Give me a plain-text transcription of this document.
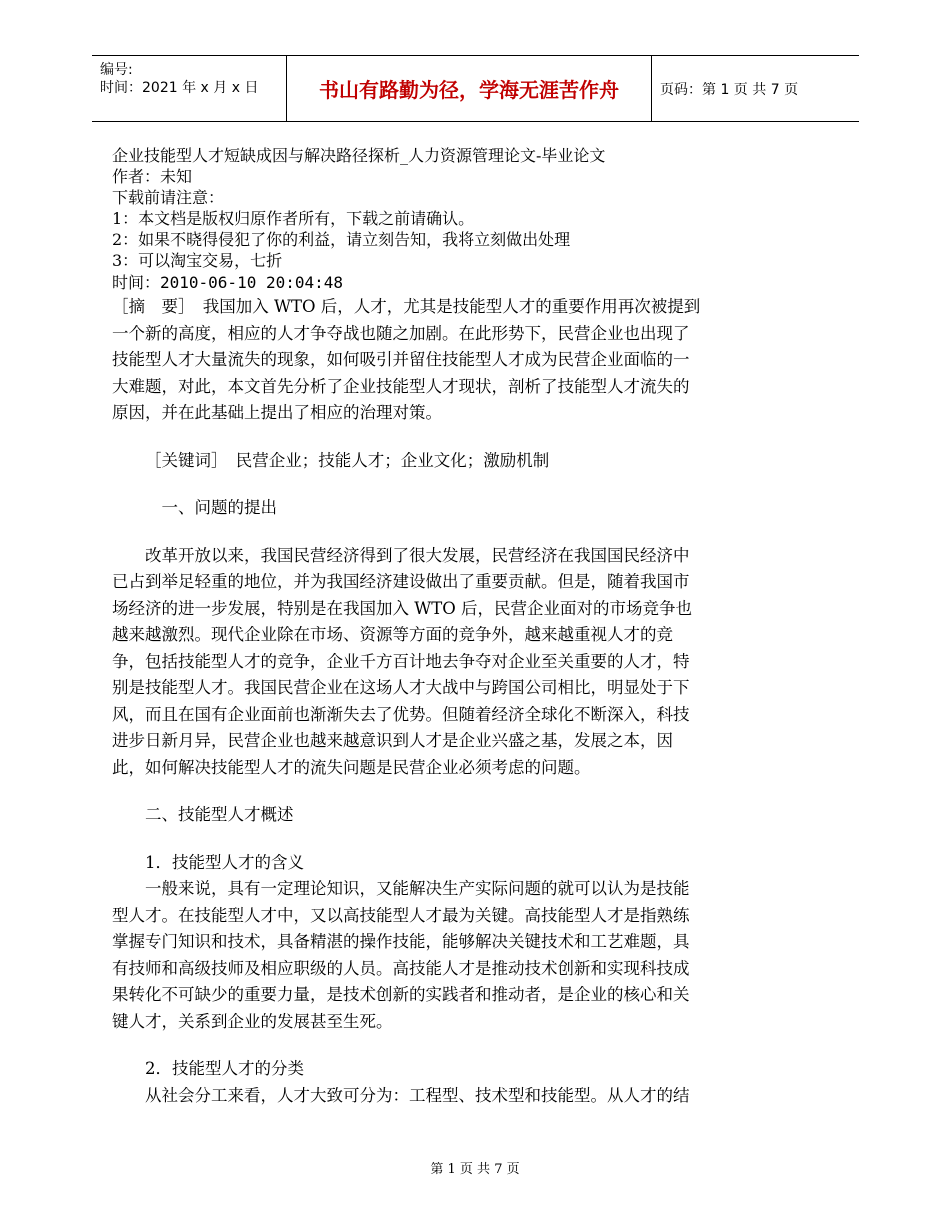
编号:
时间：2021 年 x 月 x 日	书山有路勤为径，学海无涯苦作舟	页码：第 1 页 共 7 页
企业技能型人才短缺成因与解决路径探析_人力资源管理论文-毕业论文
作者：未知
下载前请注意：
1：本文档是版权归原作者所有，下载之前请确认。
2：如果不晓得侵犯了你的利益，请立刻告知，我将立刻做出处理
3：可以淘宝交易，七折
时间：2010-06-10 20:04:48
［摘　要］　我国加入 WTO 后，人才，尤其是技能型人才的重要作用再次被提到
一个新的高度，相应的人才争夺战也随之加剧。在此形势下，民营企业也出现了
技能型人才大量流失的现象，如何吸引并留住技能型人才成为民营企业面临的一
大难题，对此，本文首先分析了企业技能型人才现状，剖析了技能型人才流失的
原因，并在此基础上提出了相应的治理对策。
［关键词］　民营企业；技能人才；企业文化；激励机制
一、问题的提出
改革开放以来，我国民营经济得到了很大发展，民营经济在我国国民经济中
已占到举足轻重的地位，并为我国经济建设做出了重要贡献。但是，随着我国市
场经济的进一步发展，特别是在我国加入 WTO 后，民营企业面对的市场竞争也
越来越激烈。现代企业除在市场、资源等方面的竞争外，越来越重视人才的竞
争，包括技能型人才的竞争，企业千方百计地去争夺对企业至关重要的人才，特
别是技能型人才。我国民营企业在这场人才大战中与跨国公司相比，明显处于下
风，而且在国有企业面前也渐渐失去了优势。但随着经济全球化不断深入，科技
进步日新月异，民营企业也越来越意识到人才是企业兴盛之基，发展之本，因
此，如何解决技能型人才的流失问题是民营企业必须考虑的问题。
二、技能型人才概述
1．技能型人才的含义
一般来说，具有一定理论知识，又能解决生产实际问题的就可以认为是技能
型人才。在技能型人才中，又以高技能型人才最为关键。高技能型人才是指熟练
掌握专门知识和技术，具备精湛的操作技能，能够解决关键技术和工艺难题，具
有技师和高级技师及相应职级的人员。高技能人才是推动技术创新和实现科技成
果转化不可缺少的重要力量，是技术创新的实践者和推动者，是企业的核心和关
键人才，关系到企业的发展甚至生死。
2．技能型人才的分类
从社会分工来看，人才大致可分为：工程型、技术型和技能型。从人才的结
第 1 页 共 7 页
